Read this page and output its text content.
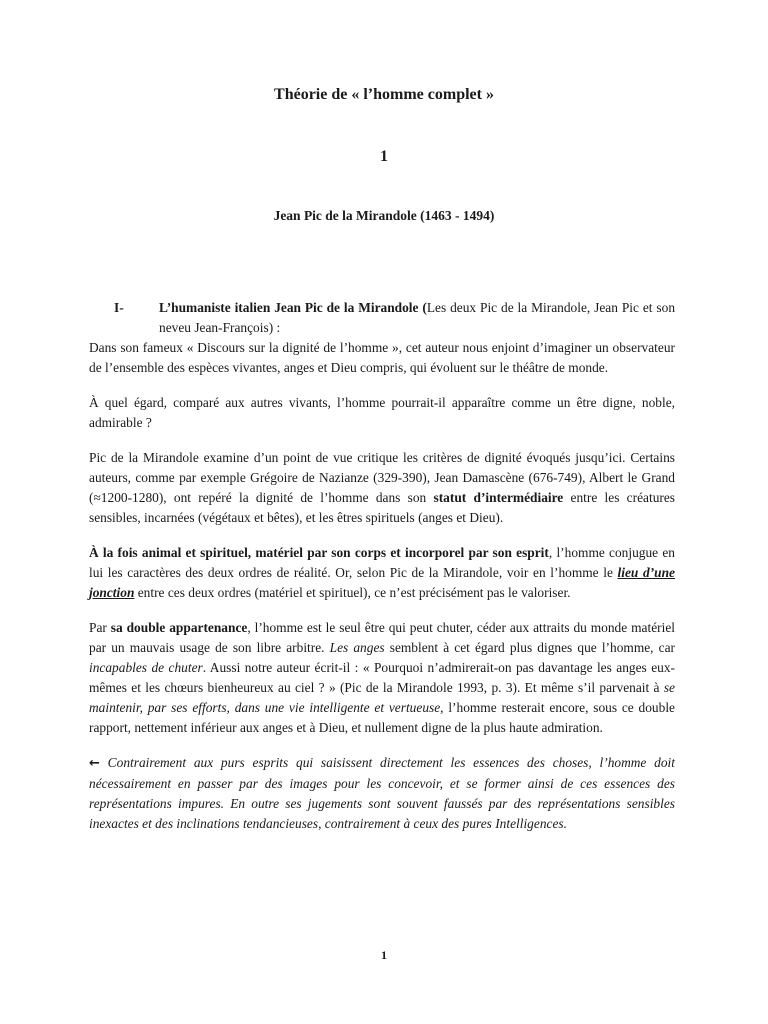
Théorie de « l’homme complet »
1
Jean Pic de la Mirandole (1463 - 1494)
I-	L’humaniste italien Jean Pic de la Mirandole (Les deux Pic de la Mirandole, Jean Pic et son neveu Jean-François) :

Dans son fameux « Discours sur la dignité de l’homme », cet auteur nous enjoint d’imaginer un observateur de l’ensemble des espèces vivantes, anges et Dieu compris, qui évoluent sur le théâtre de monde.

À quel égard, comparé aux autres vivants, l’homme pourrait-il apparaître comme un être digne, noble, admirable ?

Pic de la Mirandole examine d’un point de vue critique les critères de dignité évoqués jusqu’ici. Certains auteurs, comme par exemple Grégoire de Nazianze (329-390), Jean Damascène (676-749), Albert le Grand (≈1200-1280), ont repéré la dignité de l’homme dans son statut d’intermédiaire entre les créatures sensibles, incarnées (végétaux et bêtes), et les êtres spirituels (anges et Dieu).

À la fois animal et spirituel, matériel par son corps et incorporel par son esprit, l’homme conjugue en lui les caractères des deux ordres de réalité. Or, selon Pic de la Mirandole, voir en l’homme le lieu d’une jonction entre ces deux ordres (matériel et spirituel), ce n’est précisément pas le valoriser.

Par sa double appartenance, l’homme est le seul être qui peut chuter, céder aux attraits du monde matériel par un mauvais usage de son libre arbitre. Les anges semblent à cet égard plus dignes que l’homme, car incapables de chuter. Aussi notre auteur écrit-il : « Pourquoi n’admirerait-on pas davantage les anges eux-mêmes et les chœurs bienheureux au ciel ? » (Pic de la Mirandole 1993, p. 3). Et même s’il parvenait à se maintenir, par ses efforts, dans une vie intelligente et vertueuse, l’homme resterait encore, sous ce double rapport, nettement inférieur aux anges et à Dieu, et nullement digne de la plus haute admiration.

← Contrairement aux purs esprits qui saisissent directement les essences des choses, l’homme doit nécessairement en passer par des images pour les concevoir, et se former ainsi de ces essences des représentations impures. En outre ses jugements sont souvent faussés par des représentations sensibles inexactes et des inclinations tendancieuses, contrairement à ceux des pures Intelligences.

1
